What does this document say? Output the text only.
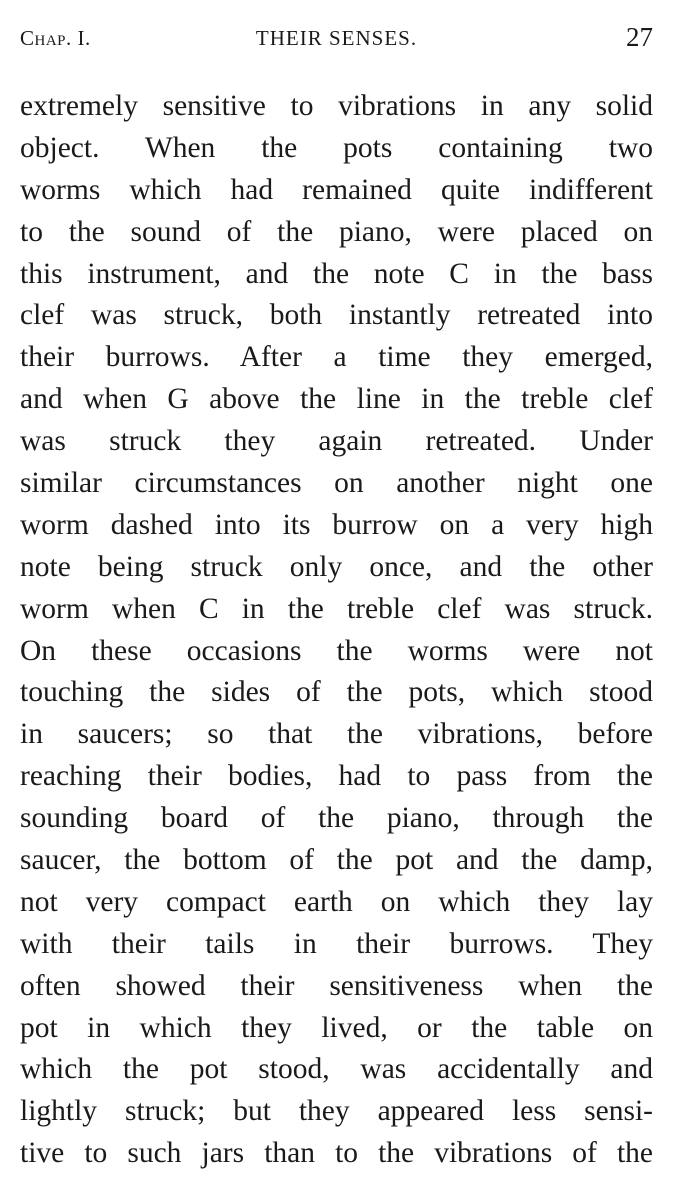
Chap. I.	THEIR SENSES.	27
extremely sensitive to vibrations in any solid
object. When the pots containing two
worms which had remained quite indifferent
to the sound of the piano, were placed on
this instrument, and the note C in the bass
clef was struck, both instantly retreated into
their burrows. After a time they emerged,
and when G above the line in the treble clef
was struck they again retreated. Under
similar circumstances on another night one
worm dashed into its burrow on a very high
note being struck only once, and the other
worm when C in the treble clef was struck.
On these occasions the worms were not
touching the sides of the pots, which stood
in saucers; so that the vibrations, before
reaching their bodies, had to pass from the
sounding board of the piano, through the
saucer, the bottom of the pot and the damp,
not very compact earth on which they lay
with their tails in their burrows. They
often showed their sensitiveness when the
pot in which they lived, or the table on
which the pot stood, was accidentally and
lightly struck; but they appeared less sensi-
tive to such jars than to the vibrations of the
